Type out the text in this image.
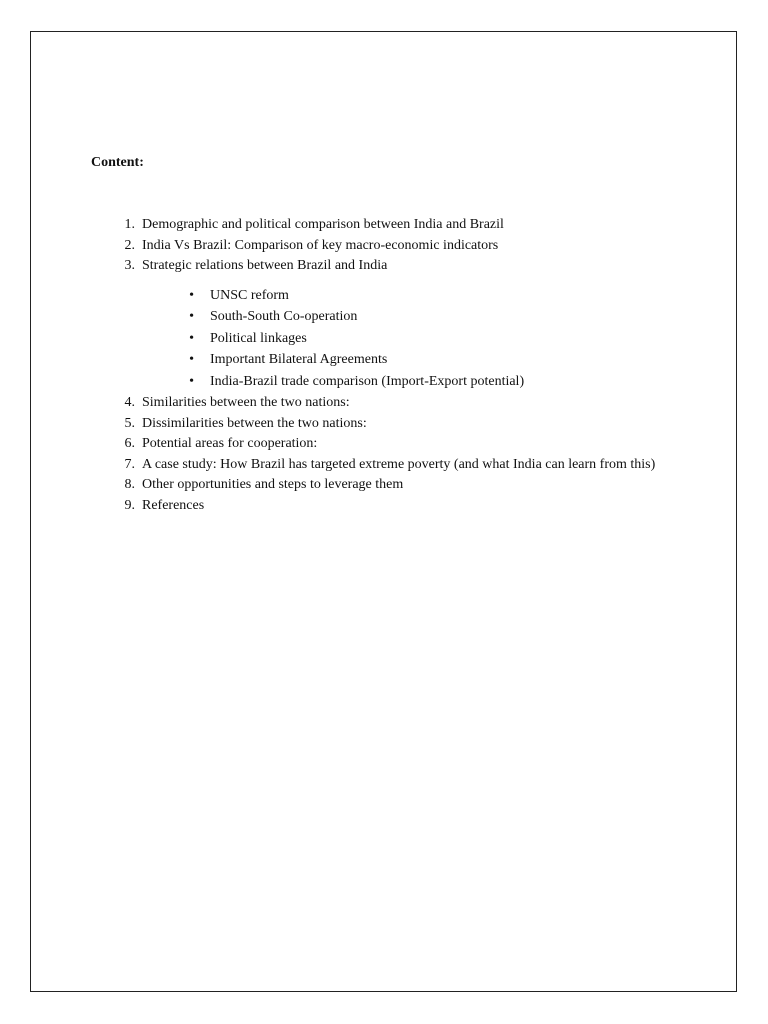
Content:
1. Demographic and political comparison between India and Brazil
2. India Vs Brazil: Comparison of key macro-economic indicators
3. Strategic relations between Brazil and India
•	UNSC reform
•	South-South Co-operation
•	Political linkages
•	Important Bilateral Agreements
•	India-Brazil trade comparison (Import-Export potential)
4. Similarities between the two nations:
5. Dissimilarities between the two nations:
6. Potential areas for cooperation:
7. A case study: How Brazil has targeted extreme poverty (and what India can learn from this)
8. Other opportunities and steps to leverage them
9. References
